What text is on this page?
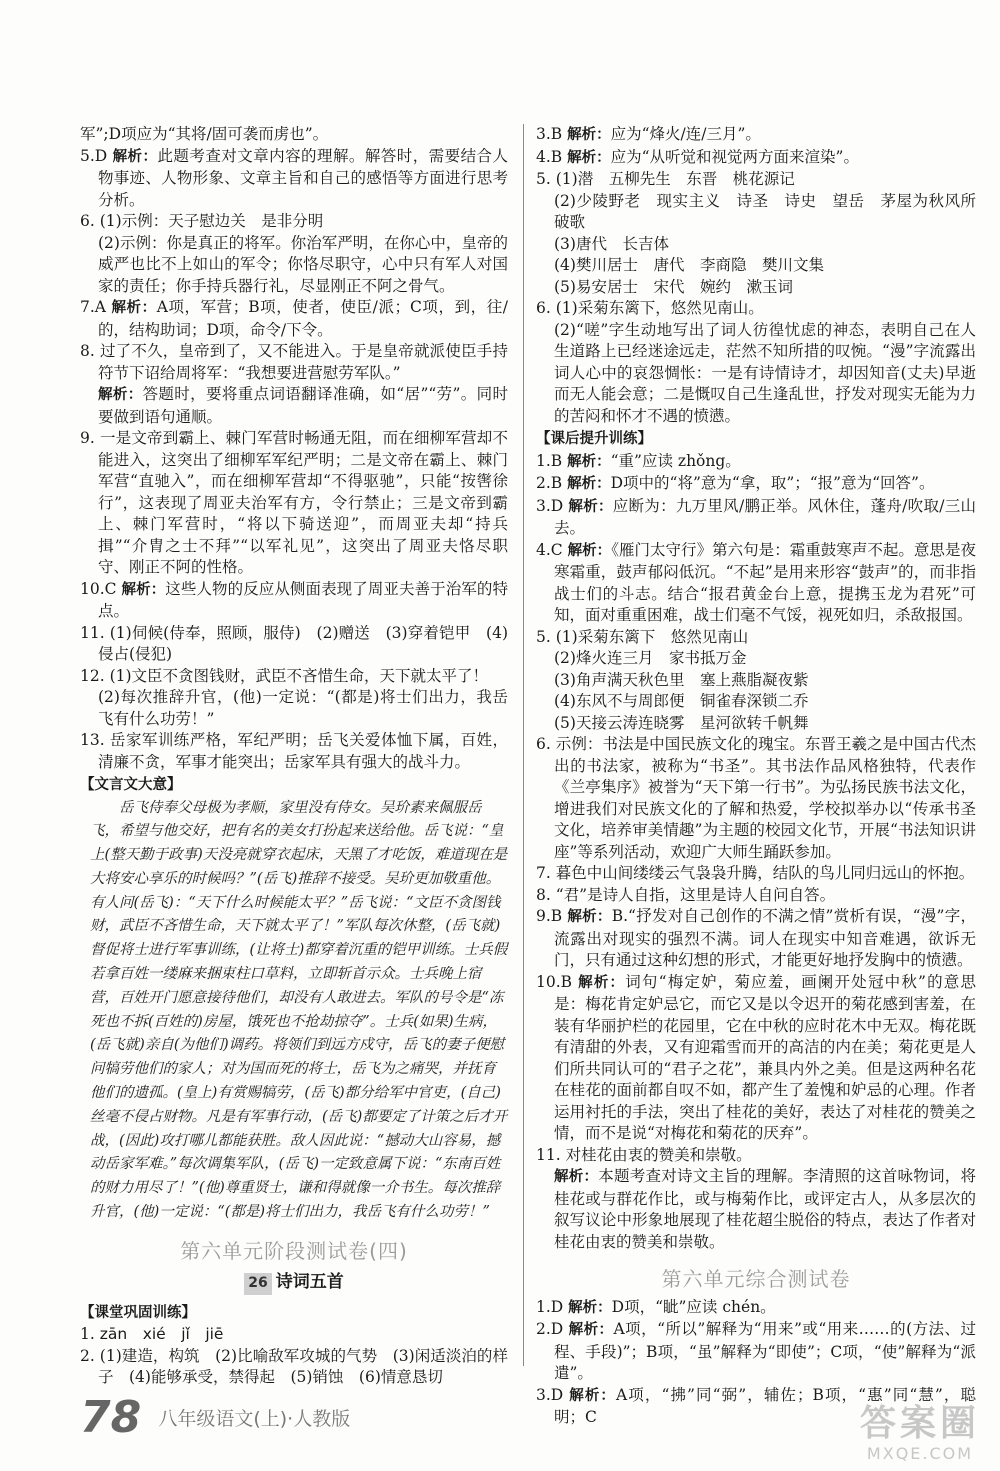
军”;D项应为“其将/固可袭而虏也”。

5.D 解析：此题考查对文章内容的理解。解答时，需要结合人物事迹、人物形象、文章主旨和自己的感悟等方面进行思考分析。

6. (1)示例：天子慰边关　是非分明

(2)示例：你是真正的将军。你治军严明，在你心中，皇帝的威严也比不上如山的军令；你恪尽职守，心中只有军人对国家的责任；你手持兵器行礼，尽显刚正不阿之骨气。

7.A 解析：A项，军营；B项，使者，使臣/派；C项，到，往/的，结构助词；D项，命令/下令。

8. 过了不久，皇帝到了，又不能进入。于是皇帝就派使臣手持符节下诏给周将军：“我想要进营慰劳军队。”

解析：答题时，要将重点词语翻译准确，如“居”“劳”。同时要做到语句通顺。

9. 一是文帝到霸上、棘门军营时畅通无阻，而在细柳军营却不能进入，这突出了细柳军军纪严明；二是文帝在霸上、棘门军营“直驰入”，而在细柳军营却“不得驱驰”，只能“按辔徐行”，这表现了周亚夫治军有方，令行禁止；三是文帝到霸上、棘门军营时，“将以下骑送迎”，而周亚夫却“持兵揖”“介胄之士不拜”“以军礼见”，这突出了周亚夫恪尽职守、刚正不阿的性格。

10.C 解析：这些人物的反应从侧面表现了周亚夫善于治军的特点。

11. (1)伺候(侍奉，照顾，服侍)　(2)赠送　(3)穿着铠甲　(4)侵占(侵犯)

12. (1)文臣不贪图钱财，武臣不吝惜生命，天下就太平了！

(2)每次推辞升官，(他)一定说：“(都是)将士们出力，我岳飞有什么功劳！”

13. 岳家军训练严格，军纪严明；岳飞关爱体恤下属，百姓，清廉不贪，军事才能突出；岳家军具有强大的战斗力。

【文言文大意】

岳飞侍奉父母极为孝顺，家里没有侍女。吴玠素来佩服岳飞，希望与他交好，把有名的美女打扮起来送给他。岳飞说：“皇上(整天勤于政事)天没亮就穿衣起床，天黑了才吃饭，难道现在是大将安心享乐的时候吗？”(岳飞)推辞不接受。吴玠更加敬重他。有人问(岳飞)：“天下什么时候能太平？”岳飞说：“文臣不贪图钱财，武臣不吝惜生命，天下就太平了！”军队每次休整，(岳飞就)督促将士进行军事训练，(让将士)都穿着沉重的铠甲训练。士兵假若拿百姓一缕麻来捆束柱口草料，立即斩首示众。士兵晚上宿营，百姓开门愿意接待他们，却没有人敢进去。军队的号令是“冻死也不拆(百姓的)房屋，饿死也不抢劫掠夺”。士兵(如果)生病，(岳飞就)亲自(为他们)调药。将领们到远方戍守，岳飞的妻子便慰问犒劳他们的家人；对为国而死的将士，岳飞为之痛哭，并抚育他们的遗孤。(皇上)有赏赐犒劳，(岳飞)都分给军中官吏，(自己)丝毫不侵占财物。凡是有军事行动，(岳飞)都要定了计策之后才开战，(因此)攻打哪儿都能获胜。敌人因此说：“撼动大山容易，撼动岳家军难。”每次调集军队，(岳飞)一定致意属下说：“东南百姓的财力用尽了！”(他)尊重贤士，谦和得就像一介书生。每次推辞升官，(他)一定说：“(都是)将士们出力，我岳飞有什么功劳！”

第六单元阶段测试卷(四)
26 诗词五首
【课堂巩固训练】

1. zān　xié　jǐ　jiē

2. (1)建造，构筑　(2)比喻敌军攻城的气势　(3)闲适淡泊的样子　(4)能够承受，禁得起　(5)销蚀　(6)情意恳切

3.B 解析：应为“烽火/连/三月”。

4.B 解析：应为“从听觉和视觉两方面来渲染”。

5. (1)潜　五柳先生　东晋　桃花源记

(2)少陵野老　现实主义　诗圣　诗史　望岳　茅屋为秋风所破歌

(3)唐代　长吉体

(4)樊川居士　唐代　李商隐　樊川文集

(5)易安居士　宋代　婉约　漱玉词

6. (1)采菊东篱下，悠然见南山。

(2)“嗟”字生动地写出了词人彷徨忧虑的神态，表明自己在人生道路上已经迷途远走，茫然不知所措的叹惋。“漫”字流露出词人心中的哀怨惆怅：一是有诗情诗才，却因知音(丈夫)早逝而无人能会意；二是慨叹自己生逢乱世，抒发对现实无能为力的苦闷和怀才不遇的愤懑。

【课后提升训练】

1.B 解析：“重”应读 zhǒng。

2.B 解析：D项中的“将”意为“拿，取”；“报”意为“回答”。

3.D 解析：应断为：九万里风/鹏正举。风休住，蓬舟/吹取/三山去。

4.C 解析：《雁门太守行》第六句是：霜重鼓寒声不起。意思是夜寒霜重，鼓声郁闷低沉。“不起”是用来形容“鼓声”的，而非指战士们的斗志。结合“报君黄金台上意，提携玉龙为君死”可知，面对重重困难，战士们毫不气馁，视死如归，杀敌报国。

5. (1)采菊东篱下　悠然见南山

(2)烽火连三月　家书抵万金

(3)角声满天秋色里　塞上燕脂凝夜紫

(4)东风不与周郎便　铜雀春深锁二乔

(5)天接云涛连晓雾　星河欲转千帆舞

6. 示例：书法是中国民族文化的瑰宝。东晋王羲之是中国古代杰出的书法家，被称为“书圣”。其书法作品风格独特，代表作《兰亭集序》被誉为“天下第一行书”。为弘扬民族书法文化，增进我们对民族文化的了解和热爱，学校拟举办以“传承书圣文化，培养审美情趣”为主题的校园文化节，开展“书法知识讲座”等系列活动，欢迎广大师生踊跃参加。

7. 暮色中山间缕缕云气袅袅升腾，结队的鸟儿同归远山的怀抱。

8. “君”是诗人自指，这里是诗人自问自答。

9.B 解析：B.“抒发对自己创作的不满之情”赏析有误，“漫”字，流露出对现实的强烈不满。词人在现实中知音难遇，欲诉无门，只有通过这种幻想的形式，才能更好地抒发胸中的愤懑。

10.B 解析：词句“梅定妒，菊应羞，画阑开处冠中秋”的意思是：梅花肯定妒忌它，而它又是以令迟开的菊花感到害羞，在装有华丽护栏的花园里，它在中秋的应时花木中无双。梅花既有清甜的外表，又有迎霜雪而开的高洁的内在美；菊花更是人们所共同认可的“君子之花”，兼具内外之美。但是这两种名花在桂花的面前都自叹不如，都产生了羞愧和妒忌的心理。作者运用衬托的手法，突出了桂花的美好，表达了对桂花的赞美之情，而不是说“对梅花和菊花的厌弃”。

11. 对桂花由衷的赞美和崇敬。

解析：本题考查对诗文主旨的理解。李清照的这首咏物词，将桂花或与群花作比，或与梅菊作比，或评定古人，从多层次的叙写议论中形象地展现了桂花超尘脱俗的特点，表达了作者对桂花由衷的赞美和崇敬。

第六单元综合测试卷

1.D 解析：D项，“眦”应读 chén。

2.D 解析：A项，“所以”解释为“用来”或“用来……的(方法、过程、手段)”；B项，“虽”解释为“即使”；C项，“使”解释为“派遣”。

3.D 解析：A项，“拂”同“弼”，辅佐；B项，“惠”同“慧”，聪明；C

78 八年级语文(上)·人教版	答案圈
MXQE.COM
